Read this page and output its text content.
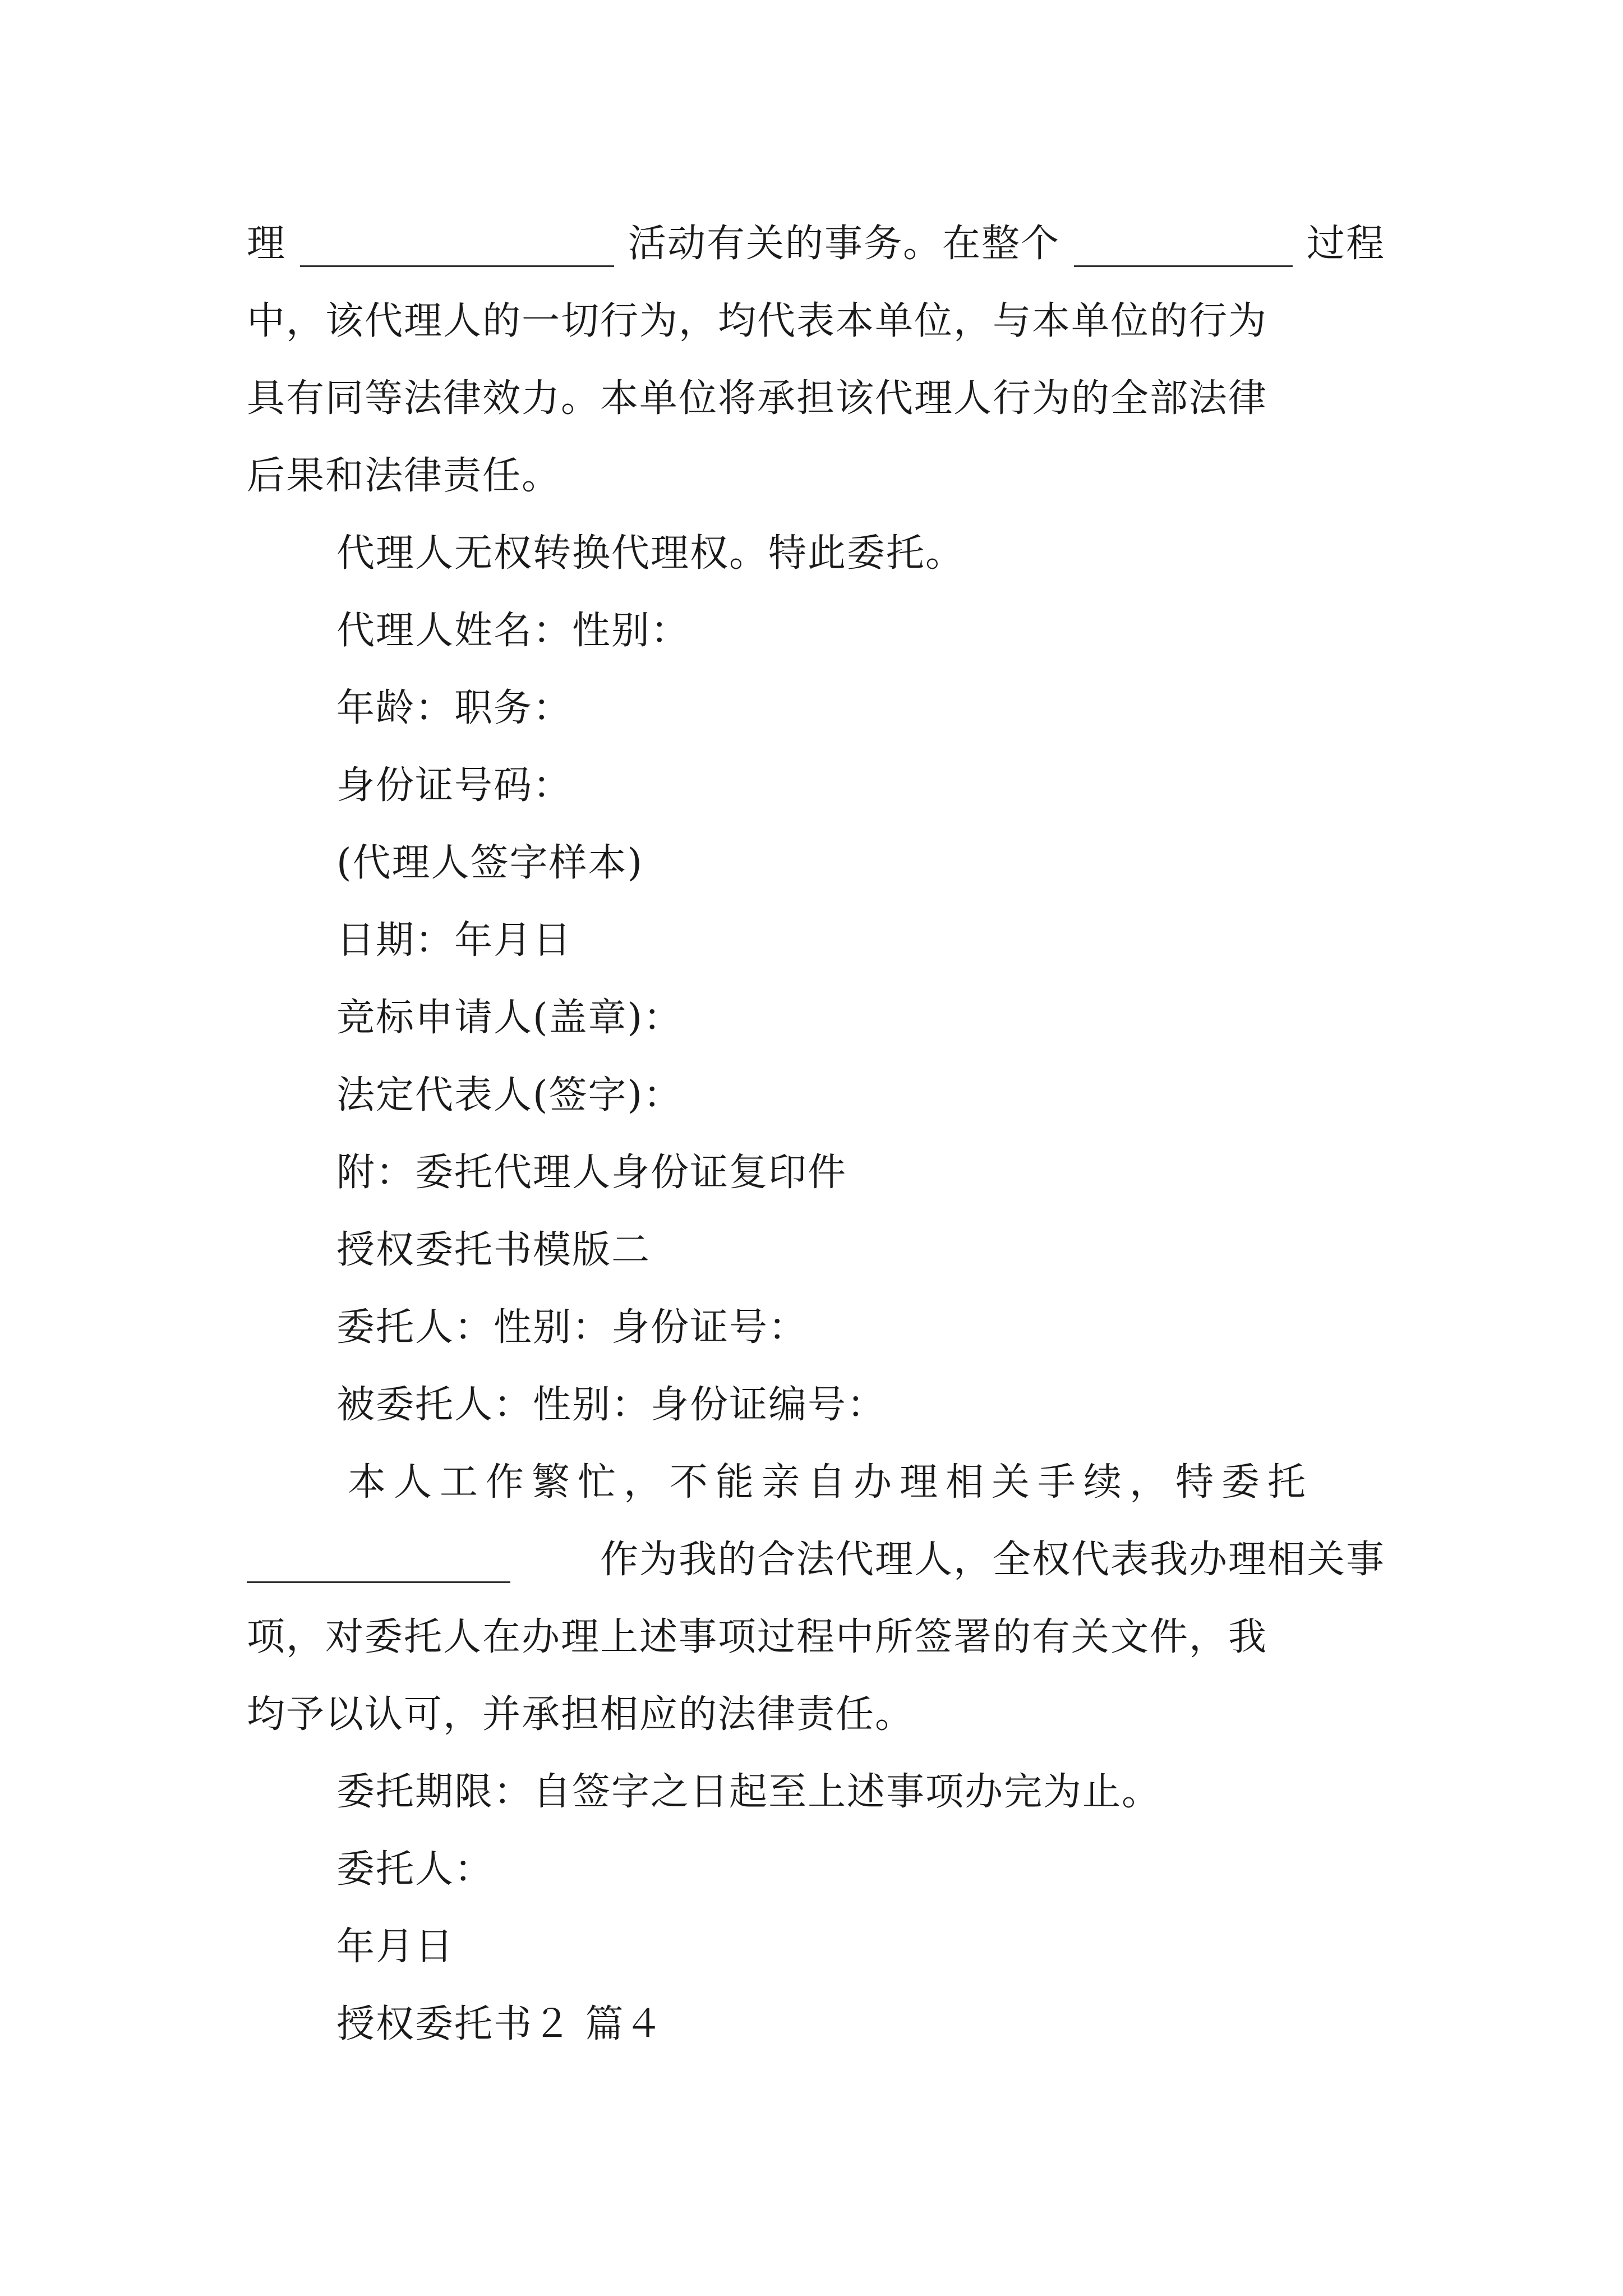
理	活动有关的事务。在整个	过程
中，该代理人的一切行为，均代表本单位，与本单位的行为
具有同等法律效力。本单位将承担该代理人行为的全部法律
后果和法律责任。
代理人无权转换代理权。特此委托。
代理人姓名：性别：
年龄：职务：
身份证号码：
(代理人签字样本)
日期：年月日
竞标申请人(盖章)：
法定代表人(签字)：
附：委托代理人身份证复印件
授权委托书模版二
委托人：性别：身份证号：
被委托人：性别：身份证编号：
本人工作繁忙，不能亲自办理相关手续，特委托
作为我的合法代理人，全权代表我办理相关事
项，对委托人在办理上述事项过程中所签署的有关文件，我
均予以认可，并承担相应的法律责任。
委托期限：自签字之日起至上述事项办完为止。
委托人：
年月日
授权委托书２ 篇４
